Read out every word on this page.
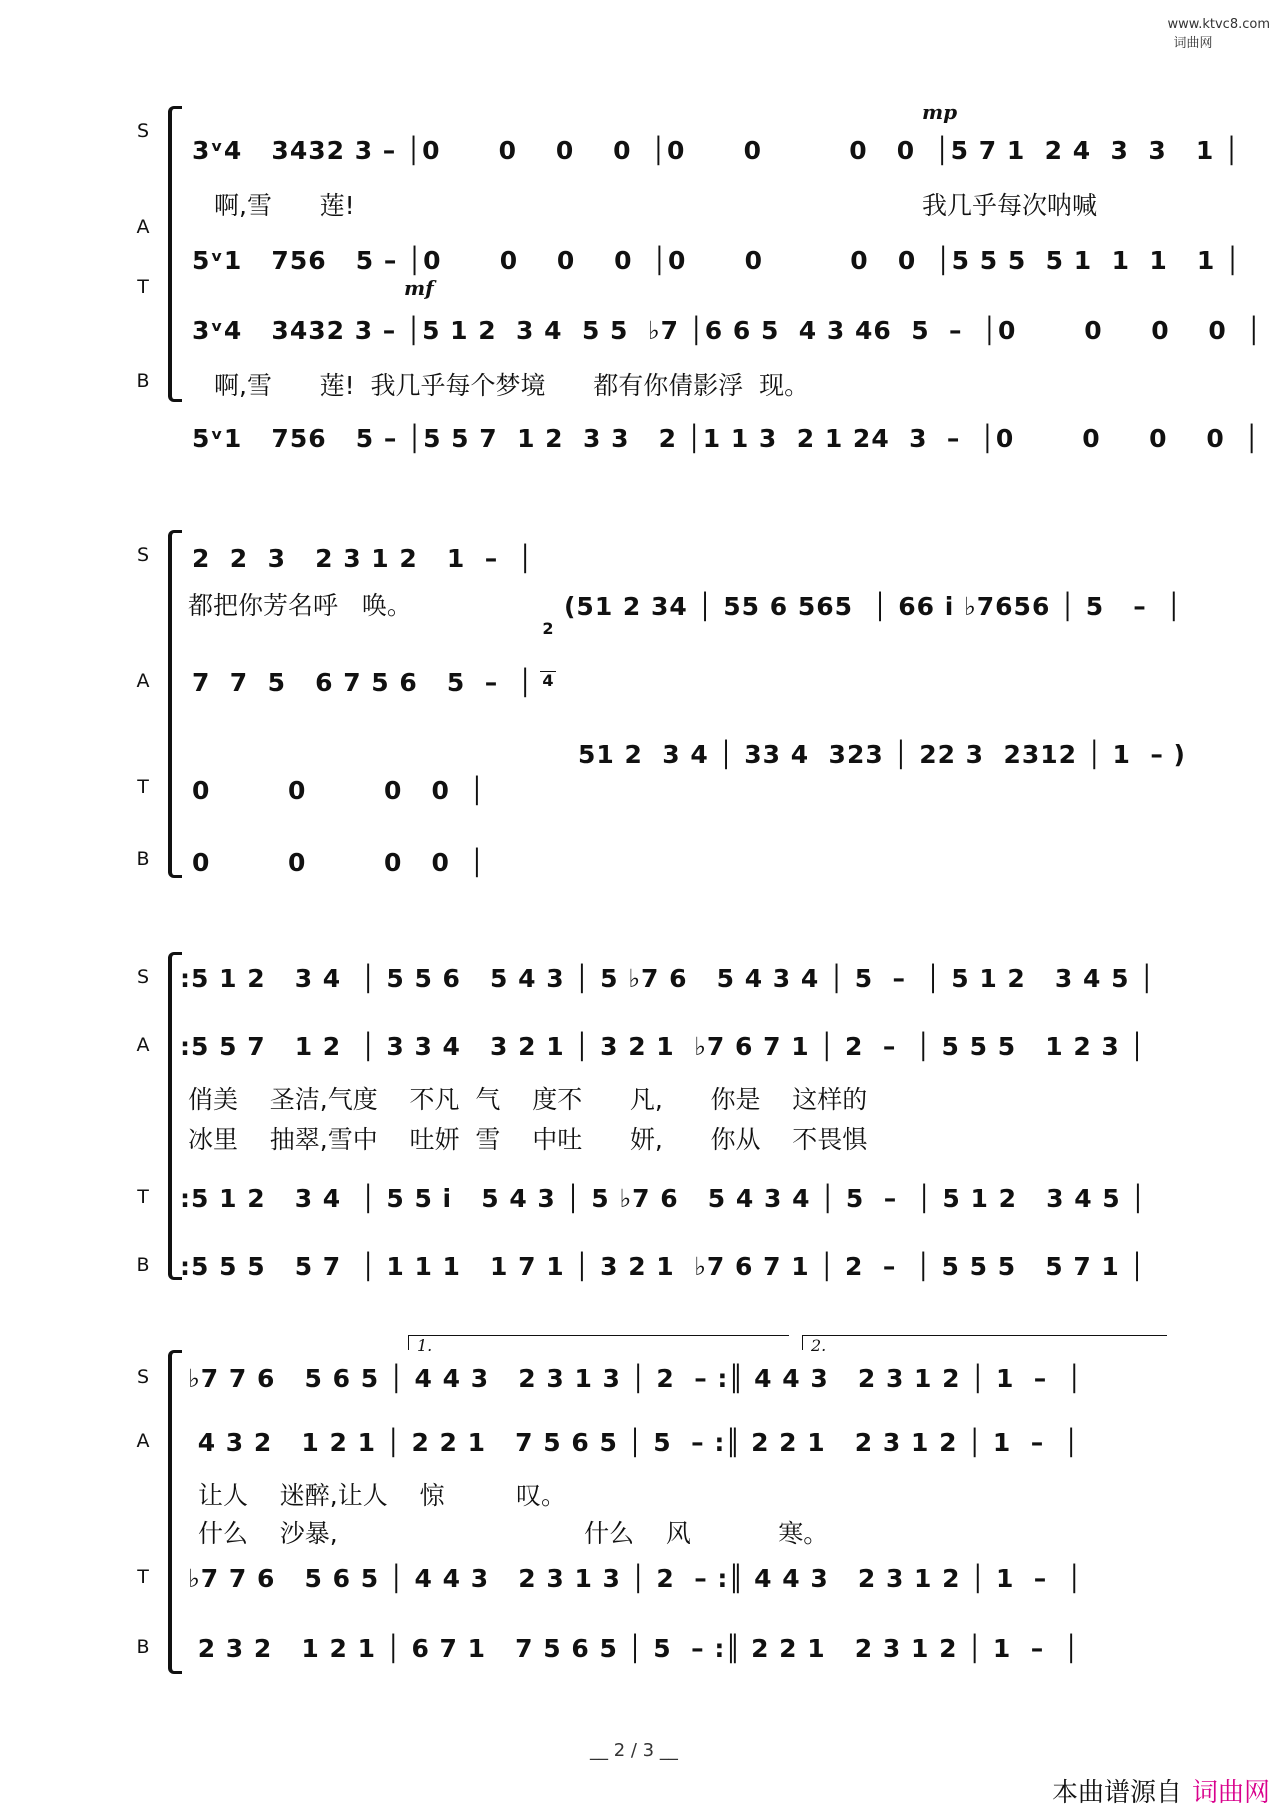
www.ktvc8.com
词曲网

S
A
T
B
mp
mf
3ᵛ4   3432 3 – │0      0    0    0  │0      0         0   0  │5 7 1  2 4  3  3   1 │
啊,雪      莲!	我几乎每次呐喊
5ᵛ1   756   5 – │0      0    0    0  │0      0         0   0  │5 5 5  5 1  1  1   1 │
3ᵛ4   3432 3 – │5 1 2  3 4  5 5  ♭7 │6 6 5  4 3 46  5  –  │0       0     0    0  │
啊,雪      莲!  我几乎每个梦境      都有你倩影浮  现。
5ᵛ1   756   5 – │5 5 7  1 2  3 3   2 │1 1 3  2 1 24  3  –  │0       0     0    0  │
S
A
T
B
2  2  3   2 3 1 2   1  –  │
都把你芳名呼   唤。
7  7  5   6 7 5 6   5  –  │
0        0        0   0  │
0        0        0   0  │

2

4

(51 2 34 │ 55 6 565  │ 66 i ♭7656 │ 5   –  │
51 2  3 4 │ 33 4  323 │ 22 3  2312 │ 1  – )
S
A
T
B
:5 1 2   3 4  │ 5 5 6   5 4 3 │ 5 ♭7 6   5 4 3 4 │ 5  –  │ 5 1 2   3 4 5 │
:5 5 7   1 2  │ 3 3 4   3 2 1 │ 3 2 1  ♭7 6 7 1 │ 2  –  │ 5 5 5   1 2 3 │
俏美    圣洁,气度    不凡  气    度不      凡,      你是    这样的
冰里    抽翠,雪中    吐妍  雪    中吐      妍,      你从    不畏惧
:5 1 2   3 4  │ 5 5 i   5 4 3 │ 5 ♭7 6   5 4 3 4 │ 5  –  │ 5 1 2   3 4 5 │
:5 5 5   5 7  │ 1 1 1   1 7 1 │ 3 2 1  ♭7 6 7 1 │ 2  –  │ 5 5 5   5 7 1 │
1.	2.
S
A
T
B
♭7 7 6   5 6 5 │ 4 4 3   2 3 1 3 │ 2  – :║ 4 4 3   2 3 1 2 │ 1  –  │
4 3 2   1 2 1 │ 2 2 1   7 5 6 5 │ 5  – :║ 2 2 1   2 3 1 2 │ 1  –  │
让人    迷醉,让人    惊         叹。
什么    沙暴,                               什么    风           寒。
♭7 7 6   5 6 5 │ 4 4 3   2 3 1 3 │ 2  – :║ 4 4 3   2 3 1 2 │ 1  –  │
2 3 2   1 2 1 │ 6 7 1   7 5 6 5 │ 5  – :║ 2 2 1   2 3 1 2 │ 1  –  │
__ 2 / 3 __
本曲谱源自 词曲网
